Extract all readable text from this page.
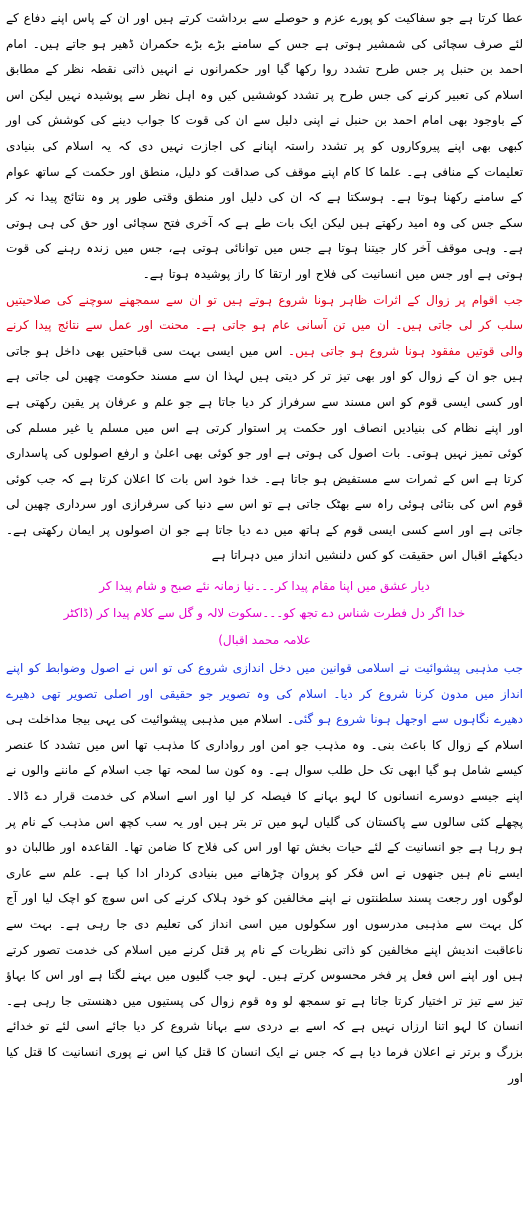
عطا کرتا ہے جو سفاکیت کو پورے عزم و حوصلے سے برداشت کرتے ہیں اور ان کے پاس اپنے دفاع کے لئے صرف سچائی کی شمشیر ہوتی ہے جس کے سامنے بڑے بڑے حکمران ڈھیر ہو جاتے ہیں۔ امام احمد بن حنبل پر جس طرح تشدد روا رکھا گیا اور حکمرانوں نے انہیں ذاتی نقطہ نظر کے مطابق اسلام کی تعبیر کرنے کی جس طرح پر تشدد کوششیں کیں وہ اہل نظر سے پوشیدہ نہیں لیکن اس کے باوجود بھی امام احمد بن حنبل نے اپنی دلیل سے ان کی قوت کا جواب دینے کی کوشش کی اور کبھی بھی اپنے پیروکاروں کو پر تشدد راستہ اپنانے کی اجازت نہیں دی کہ یہ اسلام کی بنیادی تعلیمات کے منافی ہے۔ علما کا کام اپنے موقف کی صداقت کو دلیل، منطق اور حکمت کے ساتھ عوام کے سامنے رکھنا ہوتا ہے۔ ہوسکتا ہے کہ ان کی دلیل اور منطق وقتی طور پر وہ نتائج پیدا نہ کر سکے جس کی وہ امید رکھتے ہیں لیکن ایک بات طے ہے کہ آخری فتح سچائی اور حق کی ہی ہوتی ہے۔ وہی موقف آخر کار جیتنا ہوتا ہے جس میں توانائی ہوتی ہے، جس میں زندہ رہنے کی قوت ہوتی ہے اور جس میں انسانیت کی فلاح اور ارتقا کا راز پوشیدہ ہوتا ہے۔

جب اقوام پر زوال کے اثرات ظاہر ہونا شروع ہوتے ہیں تو ان سے سمجھنے سوچنے کی صلاحیتیں سلب کر لی جاتی ہیں۔ ان میں تن آسانی عام ہو جاتی ہے۔ محنت اور عمل سے نتائج پیدا کرنے والی قوتیں مفقود ہونا شروع ہو جاتی ہیں۔ اس میں ایسی بہت سی قباحتیں بھی داخل ہو جاتی ہیں جو ان کے زوال کو اور بھی تیز تر کر دیتی ہیں لہذا ان سے مسند حکومت چھین لی جاتی ہے اور کسی ایسی قوم کو اس مسند سے سرفراز کر دیا جاتا ہے جو علم و عرفان پر یقین رکھتی ہے اور اپنے نظام کی بنیادیں انصاف اور حکمت پر استوار کرتی ہے اس میں مسلم یا غیر مسلم کی کوئی تمیز نہیں ہوتی۔ بات اصول کی ہوتی ہے اور جو کوئی بھی اعلیٰ و ارفع اصولوں کی پاسداری کرتا ہے اس کے ثمرات سے مستفیض ہو جاتا ہے۔ خدا خود اس بات کا اعلان کرتا ہے کہ جب کوئی قوم اس کی بتائی ہوئی راہ سے بھٹک جاتی ہے تو اس سے دنیا کی سرفرازی اور سرداری چھین لی جاتی ہے اور اسے کسی ایسی قوم کے ہاتھ میں دے دیا جاتا ہے جو ان اصولوں پر ایمان رکھتی ہے۔ دیکھئے اقبال اس حقیقت کو کس دلنشیں انداز میں دہراتا ہے

دیار عشق میں اپنا مقام پیدا کر۔۔۔نیا زمانہ نئے صبح و شام پیدا کر
خدا اگر دل فطرت شناس دے تجھ کو۔۔۔سکوت لالہ و گل سے کلام پیدا کر (ڈاکٹر
علامہ محمد اقبال)

جب مذہبی پیشوائیت نے اسلامی قوانین میں دخل اندازی شروع کی تو اس نے اصول وضوابط کو اپنے انداز میں مدون کرنا شروع کر دیا۔ اسلام کی وہ تصویر جو حقیقی اور اصلی تصویر تھی دھیرے دھیرے نگاہوں سے اوجھل ہونا شروع ہو گئی۔ اسلام میں مذہبی پیشوائیت کی یہی بیجا مداخلت ہی اسلام کے زوال کا باعث بنی۔ وہ مذہب جو امن اور رواداری کا مذہب تھا اس میں تشدد کا عنصر کیسے شامل ہو گیا ابھی تک حل طلب سوال ہے۔ وہ کون سا لمحہ تھا جب اسلام کے ماننے والوں نے اپنے جیسے دوسرے انسانوں کا لہو بہانے کا فیصلہ کر لیا اور اسے اسلام کی خدمت قرار دے ڈالا۔ پچھلے کئی سالوں سے پاکستان کی گلیاں لہو میں تر بتر ہیں اور یہ سب کچھ اس مذہب کے نام پر ہو رہا ہے جو انسانیت کے لئے حیات بخش تھا اور اس کی فلاح کا ضامن تھا۔ القاعدہ اور طالبان دو ایسے نام ہیں جنھوں نے اس فکر کو پروان چڑھانے میں بنیادی کردار ادا کیا ہے۔ علم سے عاری لوگوں اور رجعت پسند سلطنتوں نے اپنے مخالفین کو خود ہلاک کرنے کی اس سوچ کو اچک لیا اور آج کل بہت سے مذہبی مدرسوں اور سکولوں میں اسی انداز کی تعلیم دی جا رہی ہے۔ بہت سے ناعاقبت اندیش اپنے مخالفین کو ذاتی نظریات کے نام پر قتل کرنے میں اسلام کی خدمت تصور کرتے ہیں اور اپنے اس فعل پر فخر محسوس کرتے ہیں۔ لہو جب گلیوں میں بہنے لگتا ہے اور اس کا بہاؤ تیز سے تیز تر اختیار کرتا جاتا ہے تو سمجھ لو وہ قوم زوال کی پستیوں میں دھنستی جا رہی ہے۔ انسان کا لہو اتنا ارزاں نہیں ہے کہ اسے بے دردی سے بہانا شروع کر دیا جائے اسی لئے تو خدائے بزرگ و برتر نے اعلان فرما دیا ہے کہ جس نے ایک انسان کا قتل کیا اس نے پوری انسانیت کا قتل کیا اور
